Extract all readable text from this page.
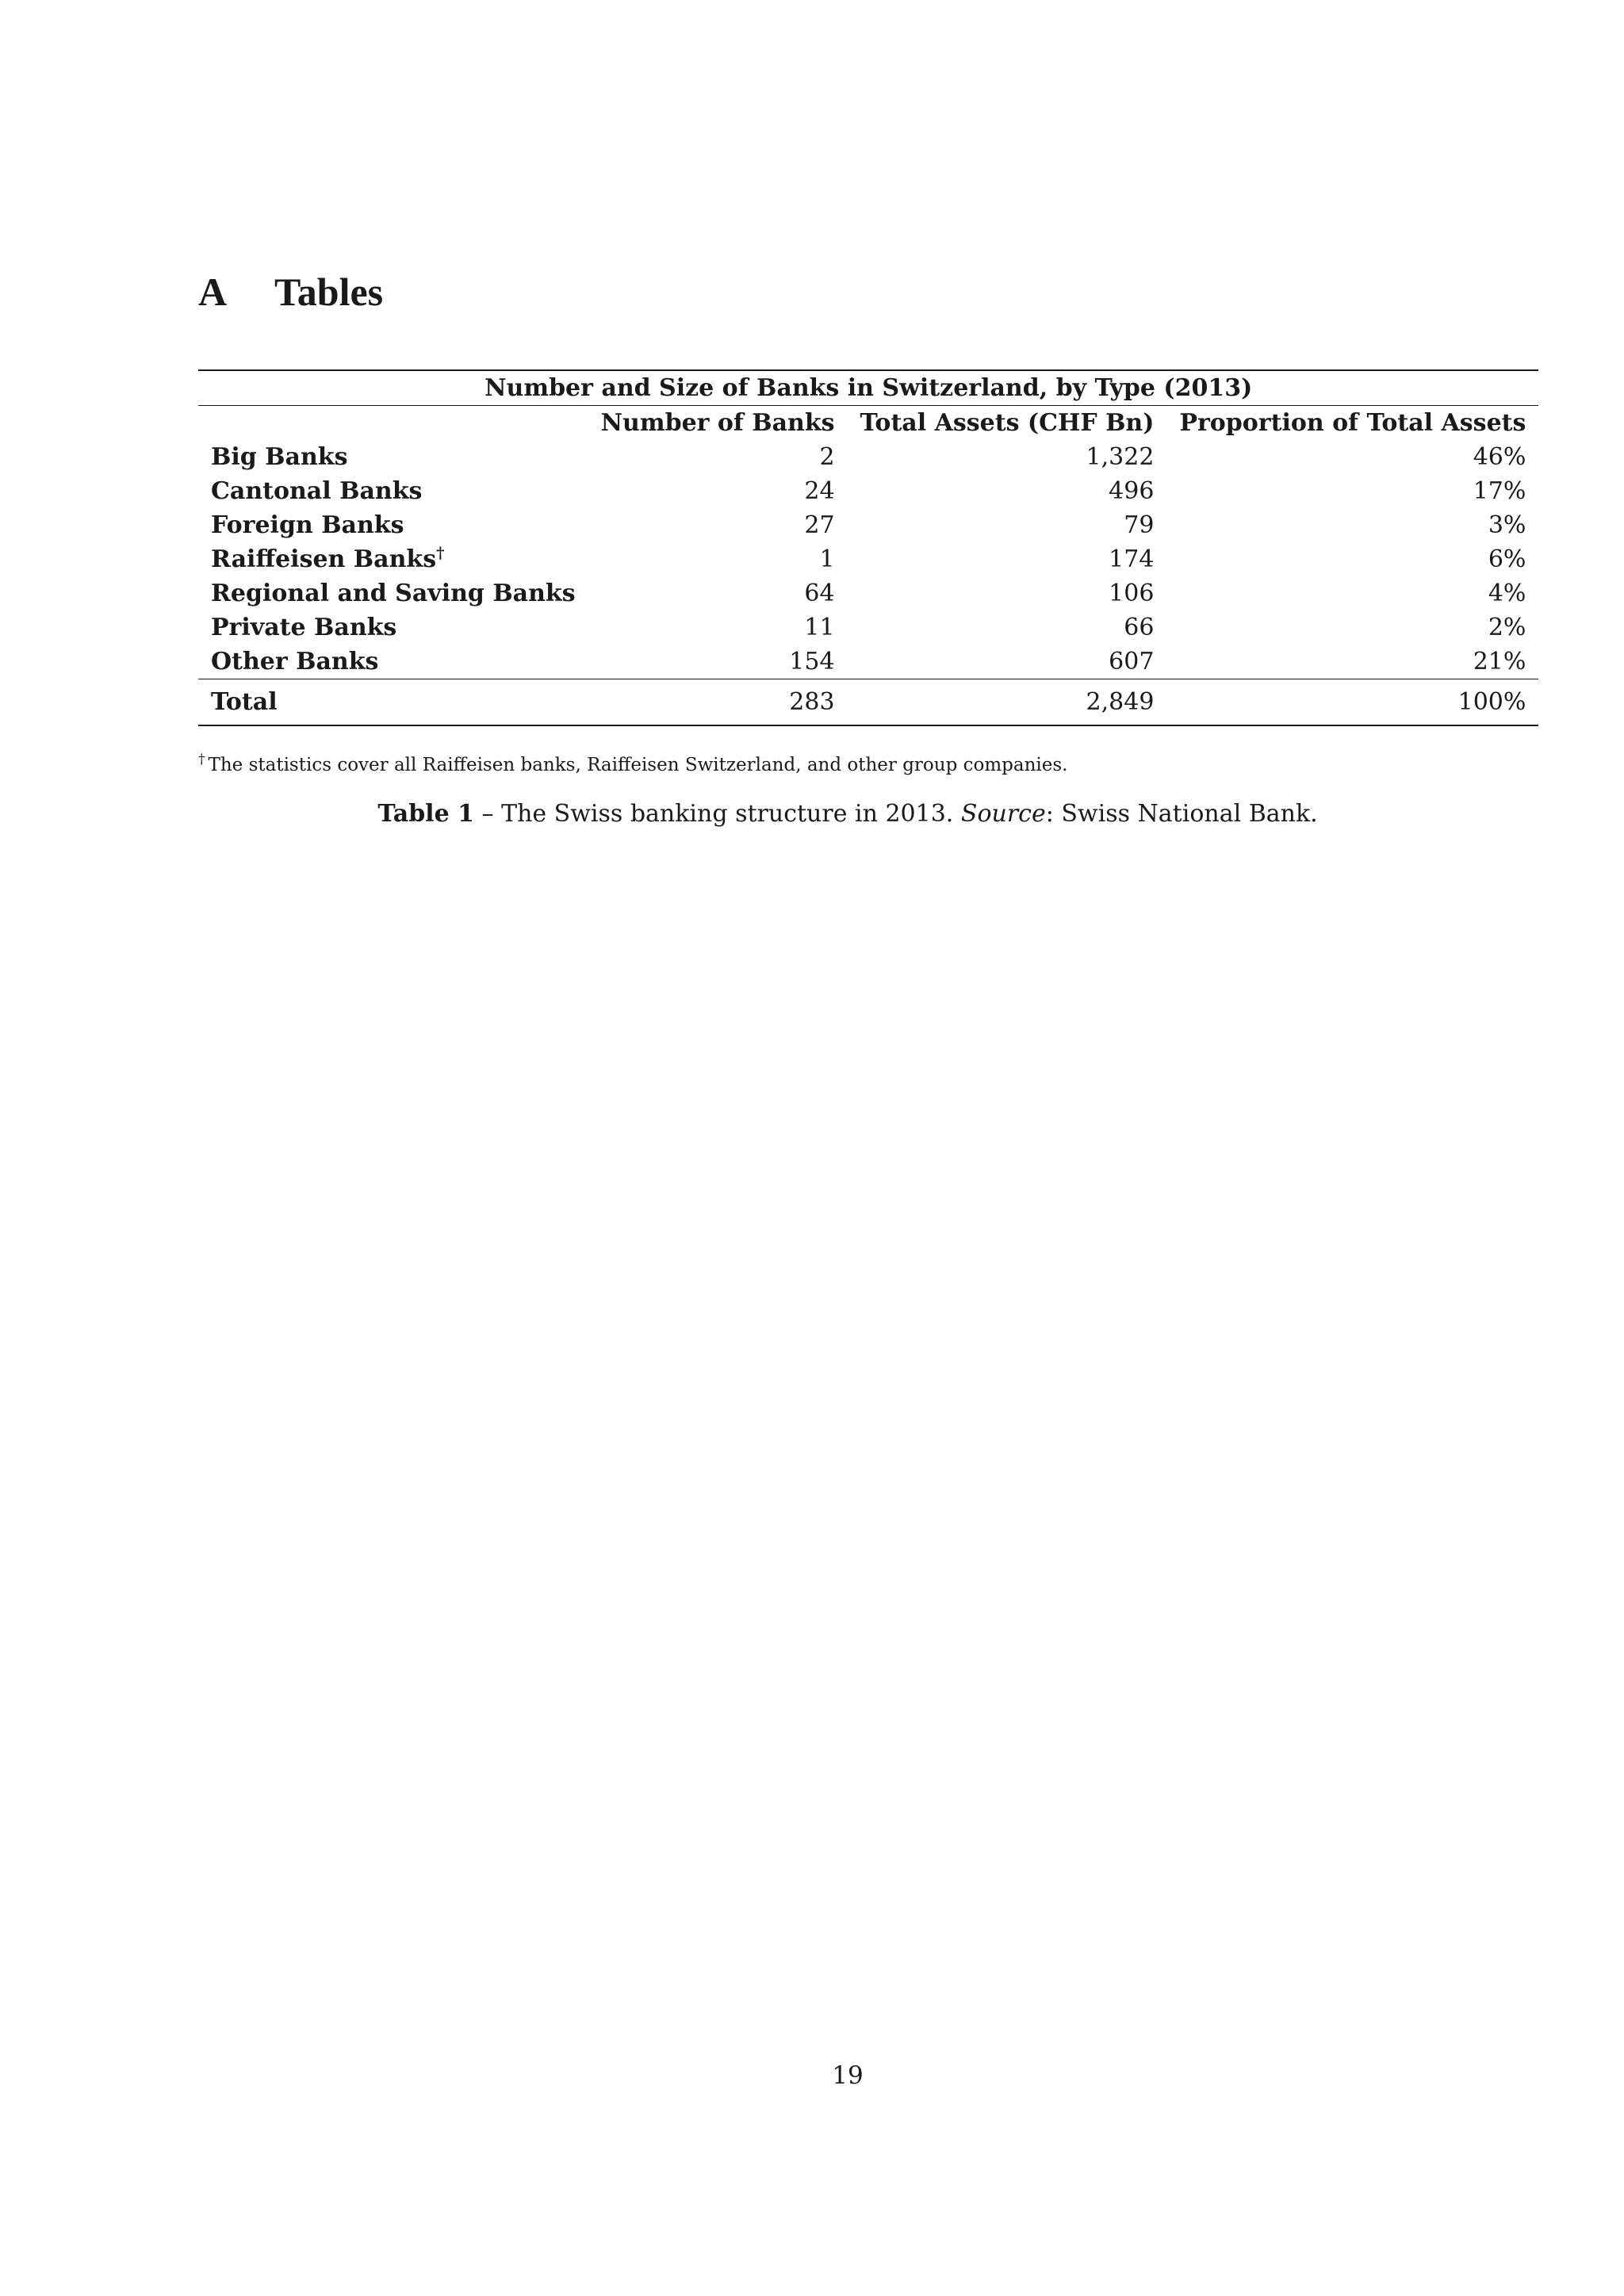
A Tables
Number and Size of Banks in Switzerland, by Type (2013)			
	Number of Banks	Total Assets (CHF Bn)	Proportion of Total Assets
Big Banks	2	1,322	46%
Cantonal Banks	24	496	17%
Foreign Banks	27	79	3%
Raiffeisen Banks†	1	174	6%
Regional and Saving Banks	64	106	4%
Private Banks	11	66	2%
Other Banks	154	607	21%
Total	283	2,849	100%
† The statistics cover all Raiffeisen banks, Raiffeisen Switzerland, and other group companies.
Table 1 – The Swiss banking structure in 2013. Source: Swiss National Bank.
19
